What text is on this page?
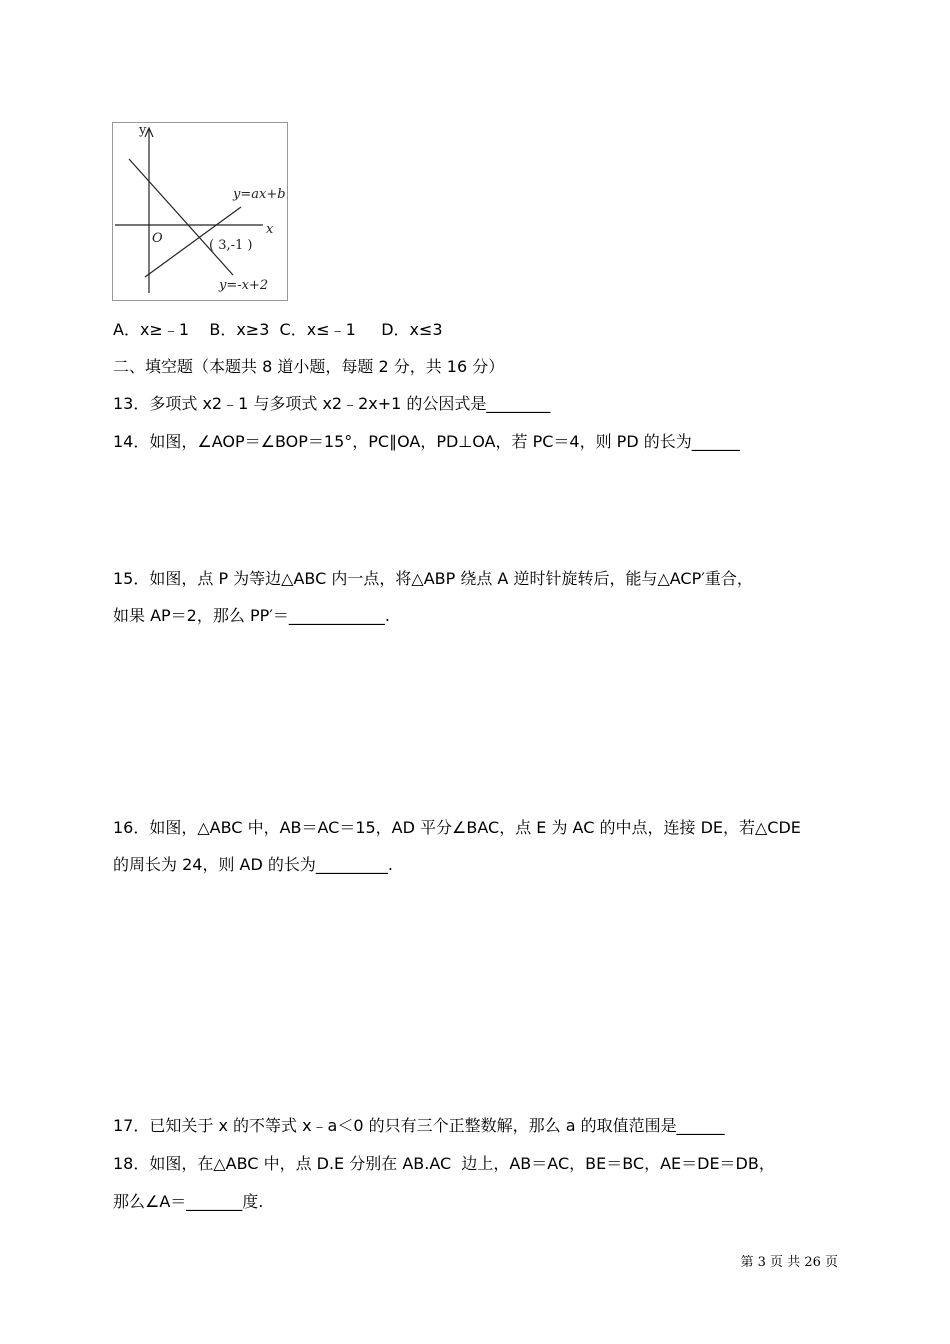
y
x
O
y=ax+b
y=-x+2
( 3,-1 )
A．x≥﹣1    B．x≥3  C．x≤﹣1     D．x≤3
二、填空题（本题共 8 道小题，每题 2 分，共 16 分）
13．多项式 x2﹣1 与多项式 x2﹣2x+1 的公因式是________
14．如图，∠AOP＝∠BOP＝15°，PC∥OA，PD⊥OA，若 PC＝4，则 PD 的长为______
15．如图，点 P 为等边△ABC 内一点，将△ABP 绕点 A 逆时针旋转后，能与△ACP′重合，
如果 AP＝2，那么 PP′＝____________.
16．如图，△ABC 中，AB＝AC＝15，AD 平分∠BAC，点 E 为 AC 的中点，连接 DE，若△CDE
的周长为 24，则 AD 的长为_________.
17．已知关于 x 的不等式 x﹣a＜0 的只有三个正整数解，那么 a 的取值范围是______
18．如图，在△ABC 中，点 D.E 分别在 AB.AC  边上，AB＝AC，BE＝BC，AE＝DE＝DB，
那么∠A＝_______度.
第 3 页 共 26 页
